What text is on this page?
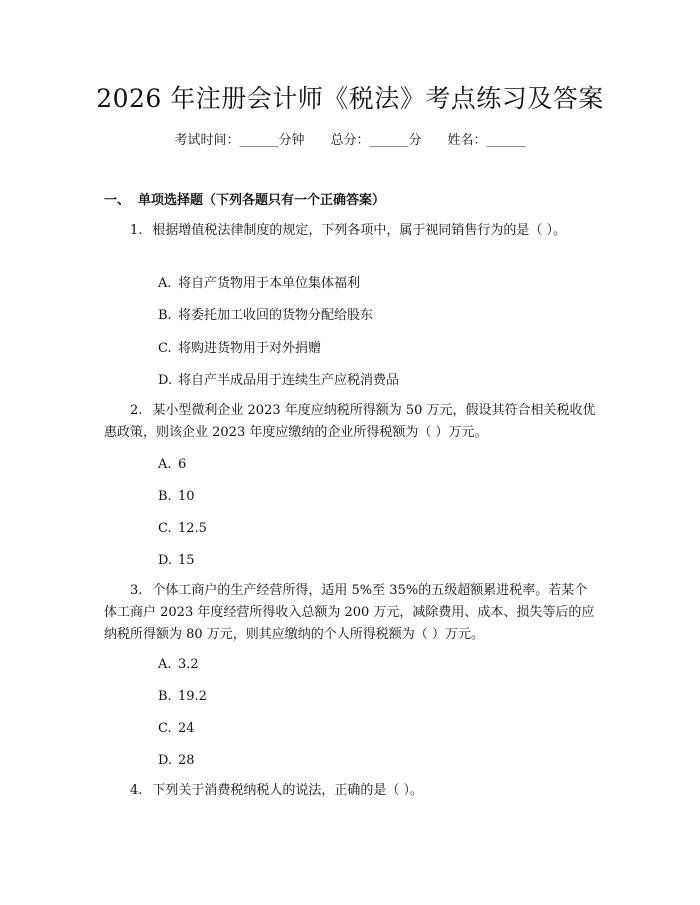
2026 年注册会计师《税法》考点练习及答案
考试时间：______分钟 总分：______分 姓名：______
一、 单项选择题（下列各题只有一个正确答案）
1. 根据增值税法律制度的规定，下列各项中，属于视同销售行为的是（ ）。
A. 将自产货物用于本单位集体福利
B. 将委托加工收回的货物分配给股东
C. 将购进货物用于对外捐赠
D. 将自产半成品用于连续生产应税消费品
2. 某小型微利企业 2023 年度应纳税所得额为 50 万元，假设其符合相关税收优惠政策，则该企业 2023 年度应缴纳的企业所得税额为（ ）万元。
A. 6
B. 10
C. 12.5
D. 15
3. 个体工商户的生产经营所得，适用 5%至 35%的五级超额累进税率。若某个体工商户 2023 年度经营所得收入总额为 200 万元，减除费用、成本、损失等后的应纳税所得额为 80 万元，则其应缴纳的个人所得税额为（ ）万元。
A. 3.2
B. 19.2
C. 24
D. 28
4. 下列关于消费税纳税人的说法，正确的是（ ）。
